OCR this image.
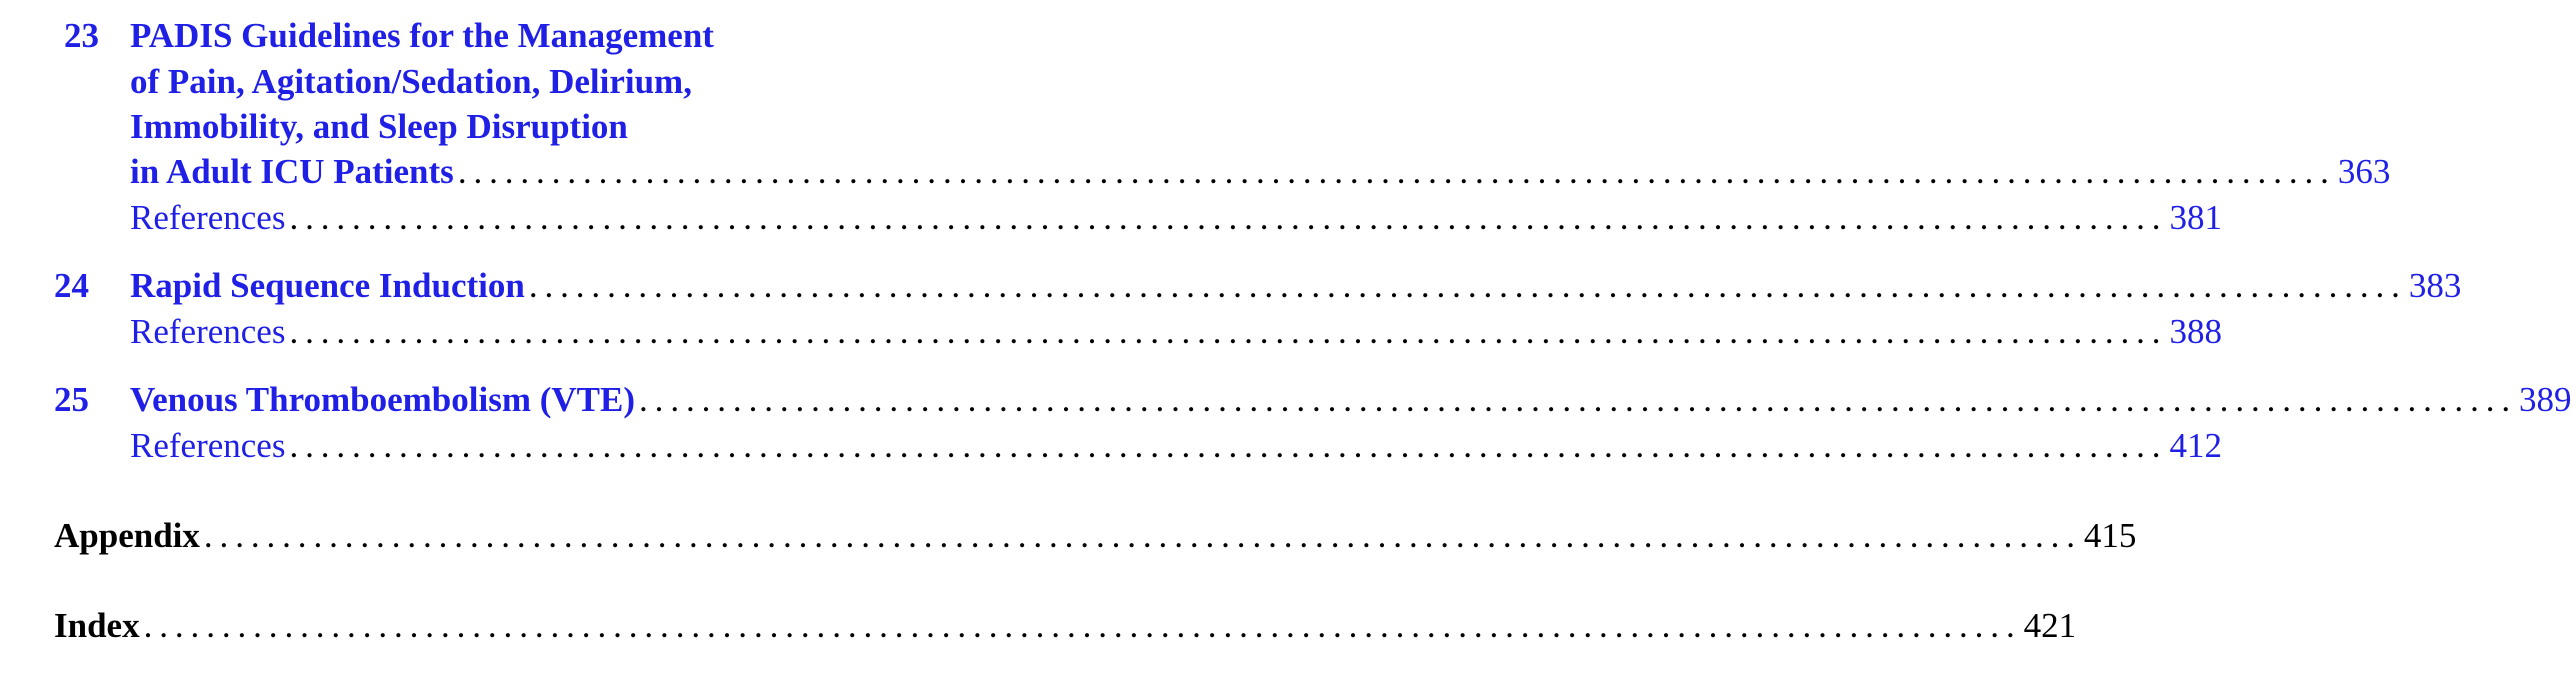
23 PADIS Guidelines for the Management
of Pain, Agitation/Sedation, Delirium,
Immobility, and Sleep Disruption
in Adult ICU Patients ........................................................................................................................ 363
References ........................................................................................................................ 381
24 Rapid Sequence Induction ........................................................................................................................ 383
References ........................................................................................................................ 388
25 Venous Thromboembolism (VTE) ........................................................................................................................ 389
References ........................................................................................................................ 412
Appendix ........................................................................................................................ 415
Index ........................................................................................................................ 421
